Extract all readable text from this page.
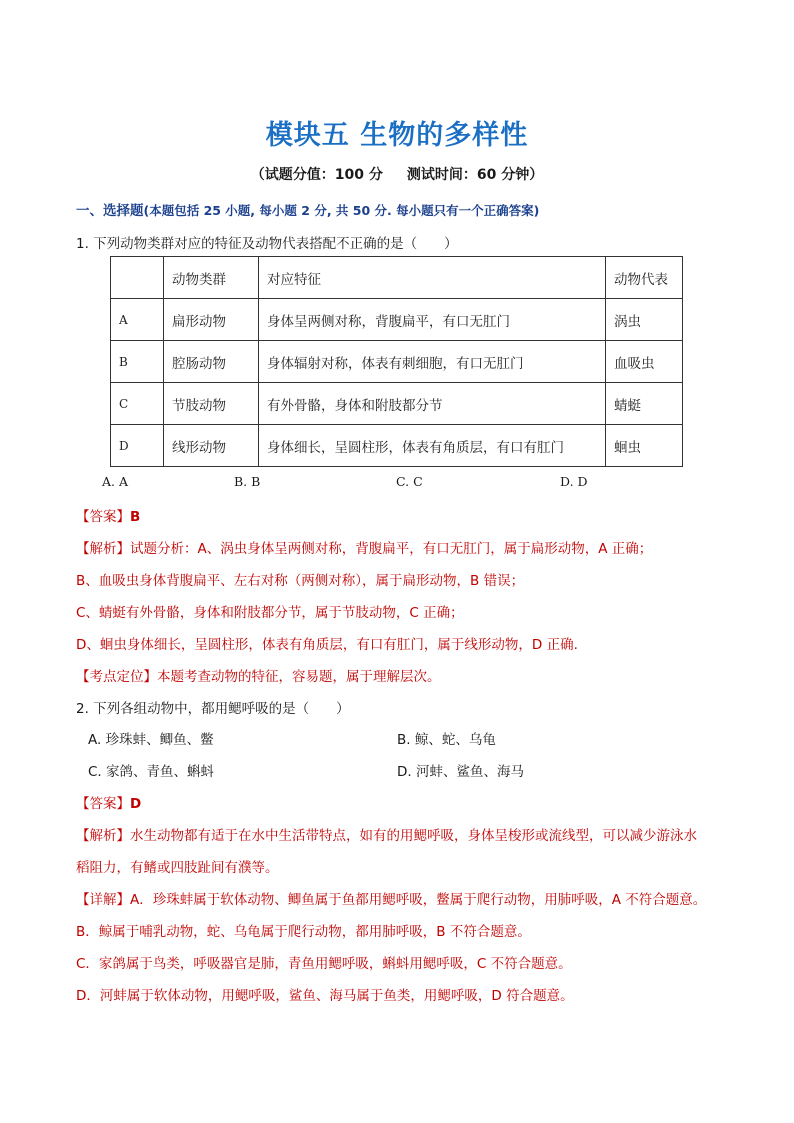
模块五 生物的多样性
（试题分值：100 分 测试时间：60 分钟）
一、选择题(本题包括 25 小题, 每小题 2 分, 共 50 分. 每小题只有一个正确答案)
1. 下列动物类群对应的特征及动物代表搭配不正确的是（　　）
	动物类群	对应特征	动物代表
A	扁形动物	身体呈两侧对称，背腹扁平，有口无肛门	涡虫
B	腔肠动物	身体辐射对称，体表有刺细胞，有口无肛门	血吸虫
C	节肢动物	有外骨骼，身体和附肢都分节	蜻蜓
D	线形动物	身体细长，呈圆柱形，体表有角质层，有口有肛门	蛔虫
A. A	B. B	C. C	D. D
【答案】B
【解析】试题分析：A、涡虫身体呈两侧对称，背腹扁平，有口无肛门，属于扁形动物，A 正确；
B、血吸虫身体背腹扁平、左右对称（两侧对称），属于扁形动物，B 错误；
C、蜻蜓有外骨骼，身体和附肢都分节，属于节肢动物，C 正确；
D、蛔虫身体细长，呈圆柱形，体表有角质层，有口有肛门，属于线形动物，D 正确.
【考点定位】本题考查动物的特征，容易题，属于理解层次。
2. 下列各组动物中，都用鳃呼吸的是（　　）
A. 珍珠蚌、鲫鱼、鳖	B. 鲸、蛇、乌龟
C. 家鸽、青鱼、蝌蚪	D. 河蚌、鲨鱼、海马
【答案】D
【解析】水生动物都有适于在水中生活带特点，如有的用鳃呼吸，身体呈梭形或流线型，可以减少游泳水
稻阻力，有鳍或四肢趾间有濮等。
【详解】A．珍珠蚌属于软体动物、鲫鱼属于鱼都用鳃呼吸，鳖属于爬行动物，用肺呼吸，A 不符合题意。
B．鲸属于哺乳动物，蛇、乌龟属于爬行动物，都用肺呼吸，B 不符合题意。
C．家鸽属于鸟类，呼吸器官是肺，青鱼用鳃呼吸，蝌蚪用鳃呼吸，C 不符合题意。
D．河蚌属于软体动物，用鳃呼吸，鲨鱼、海马属于鱼类，用鳃呼吸，D 符合题意。
